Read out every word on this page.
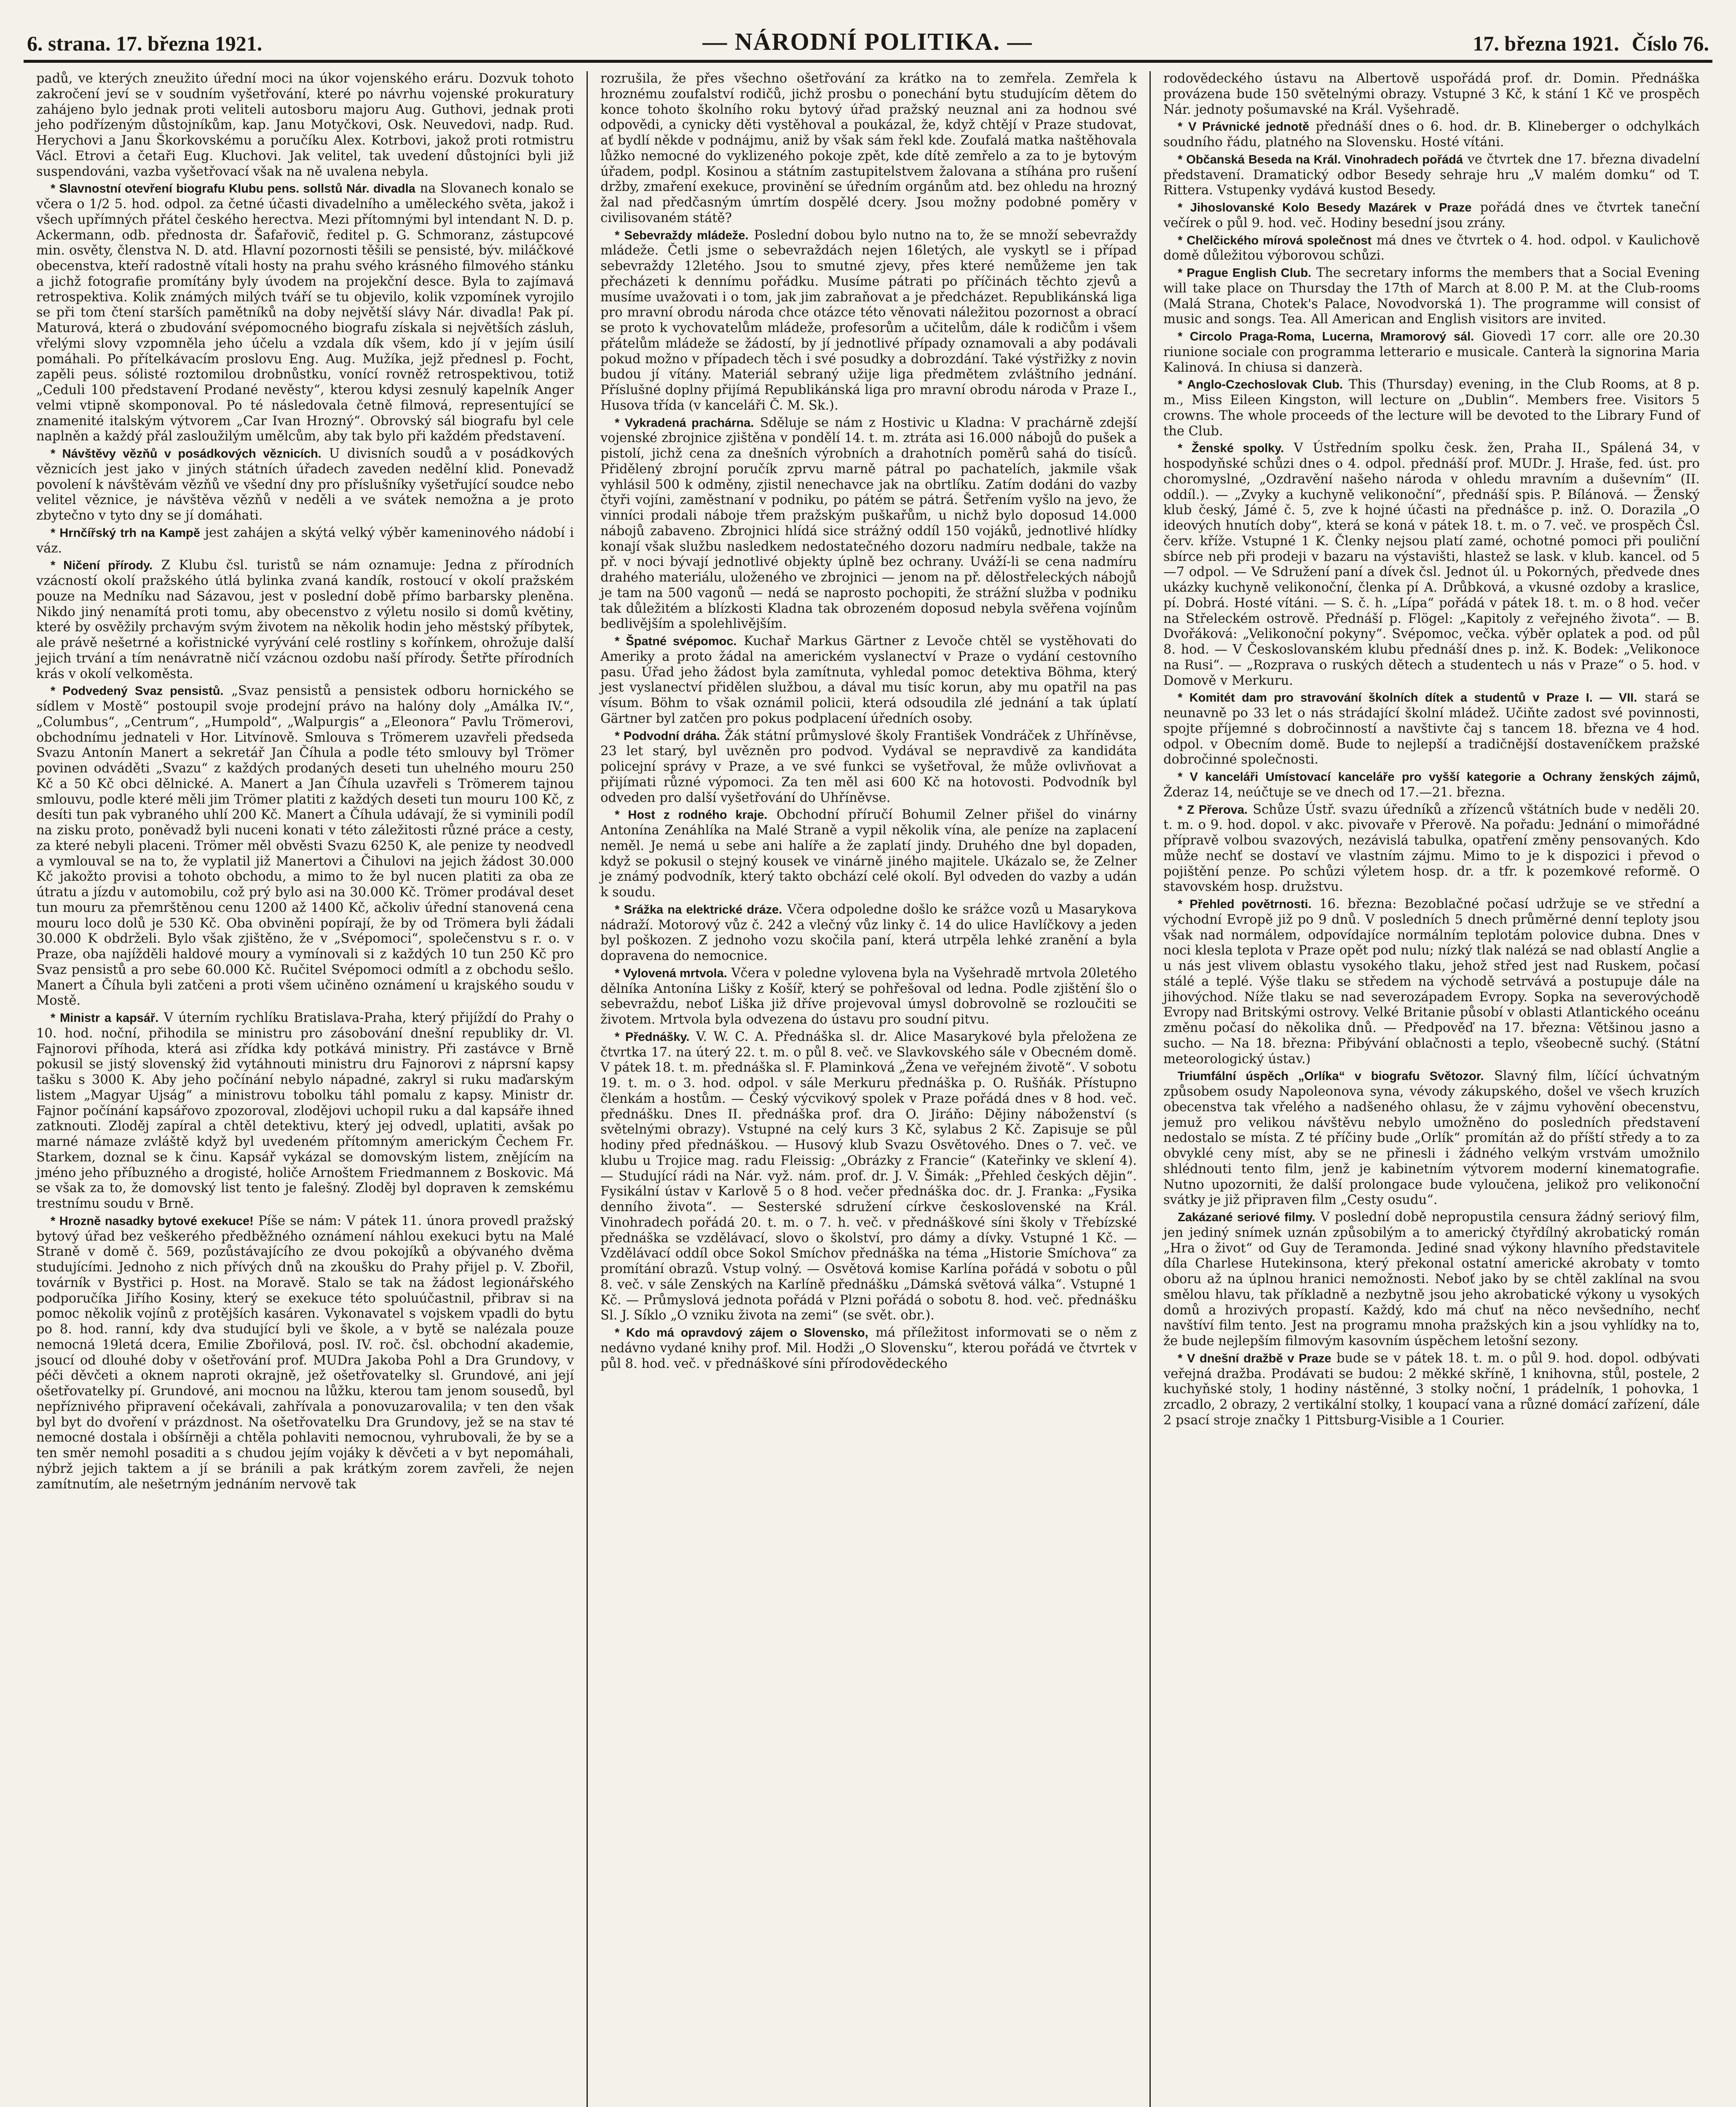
6. strana. 17. března 1921.	— NÁRODNÍ POLITIKA. —	17. března 1921. Číslo 76.

padů, ve kterých zneužito úřední moci na úkor vojenského eráru. Dozvuk tohoto zakročení jeví se v soudním vyšetřování, které po návrhu vojenské prokuratury zahájeno bylo jednak proti veliteli autosboru majoru Aug. Guthovi, jednak proti jeho podřízeným důstojníkům, kap. Janu Motyčkovi, Osk. Neuvedovi, nadp. Rud. Herychovi a Janu Škorkovskému a poručíku Alex. Kotrbovi, jakož proti rotmistru Václ. Etrovi a četaři Eug. Kluchovi. Jak velitel, tak uvedení důstojníci byli již suspendováni, vazba vyšetřovací však na ně uvalena nebyla.

* Slavnostní otevření biografu Klubu pens. sollstů Nár. divadla na Slovanech konalo se včera o 1/2 5. hod. odpol. za četné účasti divadelního a uměleckého světa, jakož i všech upřímných přátel českého herectva. Mezi přítomnými byl intendant N. D. p. Ackermann, odb. přednosta dr. Šafařovič, ředitel p. G. Schmoranz, zástupcové min. osvěty, členstva N. D. atd. Hlavní pozornosti těšili se pensisté, býv. miláčkové obecenstva, kteří radostně vítali hosty na prahu svého krásného filmového stánku a jichž fotografie promítány byly úvodem na projekční desce. Byla to zajímavá retrospektiva. Kolik známých milých tváří se tu objevilo, kolik vzpomínek vyrojilo se při tom čtení starších pamětníků na doby největší slávy Nár. divadla! Pak pí. Maturová, která o zbudování svépomocného biografu získala si největších zásluh, vřelými slovy vzpomněla jeho účelu a vzdala dík všem, kdo jí v jejím úsilí pomáhali. Po přítelkávacím proslovu Eng. Aug. Mužíka, jejž přednesl p. Focht, zapěli peus. sólisté roztomilou drobnůstku, vonící rovněž retrospektivou, totiž „Ceduli 100 představení Prodané nevěsty“, kterou kdysi zesnulý kapelník Anger velmi vtipně skomponoval. Po té následovala četně filmová, representující se znamenité italským výtvorem „Car Ivan Hrozný“. Obrovský sál biografu byl cele naplněn a každý přál zasloužilým umělcům, aby tak bylo při každém představení.

* Návštěvy vězňů v posádkových věznicích. U divisních soudů a v posádkových věznicích jest jako v jiných státních úřadech zaveden nedělní klid. Ponevadž povolení k návštěvám vězňů ve všední dny pro příslušníky vyšetřující soudce nebo velitel věznice, je návštěva vězňů v neděli a ve svátek nemožna a je proto zbytečno v tyto dny se jí domáhati.

* Hrnčířský trh na Kampě jest zahájen a skýtá velký výběr kameninového nádobí i váz.

* Ničení přírody. Z Klubu čsl. turistů se nám oznamuje: Jedna z přírodních vzácností okolí pražského útlá bylinka zvaná kandík, rostoucí v okolí pražském pouze na Medníku nad Sázavou, jest v poslední době přímo barbarsky pleněna. Nikdo jiný nenamítá proti tomu, aby obecenstvo z výletu nosilo si domů květiny, které by osvěžily prchavým svým životem na několik hodin jeho městský příbytek, ale právě nešetrné a kořistnické vyrývání celé rostliny s kořínkem, ohrožuje další jejich trvání a tím nenávratně ničí vzácnou ozdobu naší přírody. Šetřte přírodních krás v okolí velkoměsta.

* Podvedený Svaz pensistů. „Svaz pensistů a pensistek odboru hornického se sídlem v Mostě“ postoupil svoje prodejní právo na halóny doly „Amálka IV.“, „Columbus“, „Centrum“, „Humpold“, „Walpurgis“ a „Eleonora“ Pavlu Trömerovi, obchodnímu jednateli v Hor. Litvínově. Smlouva s Trömerem uzavřeli předseda Svazu Antonín Manert a sekretář Jan Číhula a podle této smlouvy byl Trömer povinen odváděti „Svazu“ z každých prodaných deseti tun uhelného mouru 250 Kč a 50 Kč obci dělnické. A. Manert a Jan Číhula uzavřeli s Trömerem tajnou smlouvu, podle které měli jim Trömer platiti z každých deseti tun mouru 100 Kč, z desíti tun pak vybraného uhlí 200 Kč. Manert a Číhula udávají, že si vyminili podíl na zisku proto, poněvadž byli nuceni konati v této záležitosti různé práce a cesty, za které nebyli placeni. Trömer měl obvěsti Svazu 6250 K, ale penize ty neodvedl a vymlouval se na to, že vyplatil již Manertovi a Čihulovi na jejich žádost 30.000 Kč jakožto provisi a tohoto obchodu, a mimo to že byl nucen platiti za oba ze útratu a jízdu v automobilu, což prý bylo asi na 30.000 Kč. Trömer prodával deset tun mouru za přemrštěnou cenu 1200 až 1400 Kč, ačkoliv úřední stanovená cena mouru loco dolů je 530 Kč. Oba obviněni popírají, že by od Trömera byli žádali 30.000 K obdrželi. Bylo však zjištěno, že v „Svépomoci“, společenstvu s r. o. v Praze, oba najížděli haldové moury a vymínovali si z každých 10 tun 250 Kč pro Svaz pensistů a pro sebe 60.000 Kč. Ručitel Svépomoci odmítl a z obchodu sešlo. Manert a Číhula byli zatčeni a proti všem učiněno oznámení u krajského soudu v Mostě.

* Ministr a kapsář. V úterním rychlíku Bratislava-Praha, který přijíždí do Prahy o 10. hod. noční, přihodila se ministru pro zásobování dnešní republiky dr. Vl. Fajnorovi příhoda, která asi zřídka kdy potkává ministry. Při zastávce v Brně pokusil se jistý slovenský žid vytáhnouti ministru dru Fajnorovi z náprsní kapsy tašku s 3000 K. Aby jeho počínání nebylo nápadné, zakryl si ruku maďarským listem „Magyar Ujság“ a ministrovu tobolku táhl pomalu z kapsy. Ministr dr. Fajnor počínání kapsářovo zpozoroval, zlodějovi uchopil ruku a dal kapsáře ihned zatknouti. Zloděj zapíral a chtěl detektivu, který jej odvedl, uplatiti, avšak po marné námaze zvláště když byl uvedeném přítomným americkým Čechem Fr. Starkem, doznal se k činu. Kapsář vykázal se domovským listem, znějícím na jméno jeho příbuzného a drogisté, holiče Arnoštem Friedmannem z Boskovic. Má se však za to, že domovský list tento je falešný. Zloděj byl dopraven k zemskému trestnímu soudu v Brně.

* Hrozně nasadky bytové exekuce! Píše se nám: V pátek 11. února provedl pražský bytový úřad bez veškerého předběžného oznámení náhlou exekuci bytu na Malé Straně v domě č. 569, pozůstávajícího ze dvou pokojíků a obývaného dvěma studujícími. Jednoho z nich přívých dnů na zkoušku do Prahy přijel p. V. Zbořil, továrník v Bystřici p. Host. na Moravě. Stalo se tak na žádost legionářského podporučíka Jiřího Kosiny, který se exekuce této spoluúčastnil, přibrav si na pomoc několik vojínů z protějších kasáren. Vykonavatel s vojskem vpadli do bytu po 8. hod. ranní, kdy dva studující byli ve škole, a v bytě se nalézala pouze nemocná 19letá dcera, Emilie Zbořilová, posl. IV. roč. čsl. obchodní akademie, jsoucí od dlouhé doby v ošetřování prof. MUDra Jakoba Pohl a Dra Grundovy, v péči děvčeti a oknem naproti okrajně, jež ošetřovatelky sl. Grundové, ani její ošetřovatelky pí. Grundové, ani mocnou na lůžku, kterou tam jenom sousedů, byl nepříznivého připravení očekávali, zahřívala a ponovuzarovalila; v ten den však byl byt do dvoření v prázdnost. Na ošetřovatelku Dra Grundovy, jež se na stav té nemocné dostala i obšírněji a chtěla pohlaviti nemocnou, vyhrubovali, že by se a ten směr nemohl posaditi a s chudou jejím vojáky k děvčeti a v byt nepomáhali, nýbrž jejich taktem a jí se bránili a pak krátkým zorem zavřeli, že nejen zamítnutím, ale nešetrným jednáním nervově tak

rozrušila, že přes všechno ošetřování za krátko na to zemřela. Zemřela k hroznému zoufalství rodičů, jichž prosbu o ponechání bytu studujícím dětem do konce tohoto školního roku bytový úřad pražský neuznal ani za hodnou své odpovědi, a cynicky děti vystěhoval a poukázal, že, když chtějí v Praze studovat, ať bydlí někde v podnájmu, aniž by však sám řekl kde. Zoufalá matka naštěhovala lůžko nemocné do vyklizeného pokoje zpět, kde dítě zemřelo a za to je bytovým úřadem, podpl. Kosinou a státním zastupitelstvem žalovana a stíhána pro rušení držby, zmaření exekuce, provinění se úředním orgánům atd. bez ohledu na hrozný žal nad předčasným úmrtím dospělé dcery. Jsou možny podobné poměry v civilisovaném státě?

* Sebevraždy mládeže. Poslední dobou bylo nutno na to, že se množí sebevraždy mládeže. Četli jsme o sebevraždách nejen 16letých, ale vyskytl se i případ sebevraždy 12letého. Jsou to smutné zjevy, přes které nemůžeme jen tak přecházeti k dennímu pořádku. Musíme pátrati po příčinách těchto zjevů a musíme uvažovati i o tom, jak jim zabraňovat a je předcházet. Republikánská liga pro mravní obrodu národa chce otázce této věnovati náležitou pozornost a obrací se proto k vychovatelům mládeže, profesorům a učitelům, dále k rodičům i všem přátelům mládeže se žádostí, by jí jednotlivé případy oznamovali a aby podávali pokud možno v případech těch i své posudky a dobrozdání. Také výstřižky z novin budou jí vítány. Materiál sebraný užije liga předmětem zvláštního jednání. Příslušné doplny přijímá Republikánská liga pro mravní obrodu národa v Praze I., Husova třída (v kanceláři Č. M. Sk.).

* Vykradená prachárna. Sděluje se nám z Hostivic u Kladna: V prachárně zdejší vojenské zbrojnice zjištěna v pondělí 14. t. m. ztráta asi 16.000 nábojů do pušek a pistolí, jichž cena za dnešních výrobních a drahotních poměrů sahá do tisíců. Přidělený zbrojní poručík zprvu marně pátral po pachatelích, jakmile však vyhlásil 500 k odměny, zjistil nenechavce jak na obrtlíku. Zatím dodáni do vazby čtyři vojíni, zaměstnaní v podniku, po pátém se pátrá. Šetřením vyšlo na jevo, že vinníci prodali náboje třem pražským puškařům, u nichž bylo doposud 14.000 nábojů zabaveno. Zbrojnici hlídá sice strážný oddíl 150 vojáků, jednotlivé hlídky konají však službu nasledkem nedostatečného dozoru nadmíru nedbale, takže na př. v noci bývají jednotlivé objekty úplně bez ochrany. Uváží-li se cena nadmíru drahého materiálu, uloženého ve zbrojnici — jenom na př. dělostřeleckých nábojů je tam na 500 vagonů — nedá se naprosto pochopiti, že strážní služba v podniku tak důležitém a blízkosti Kladna tak obrozeném doposud nebyla svěřena vojínům bedlivějším a spolehlivějším.

* Špatné svépomoc. Kuchař Markus Gärtner z Levoče chtěl se vystěhovati do Ameriky a proto žádal na americkém vyslanectví v Praze o vydání cestovního pasu. Úřad jeho žádost byla zamítnuta, vyhledal pomoc detektiva Böhma, který jest vyslanectví přidělen službou, a dával mu tisíc korun, aby mu opatřil na pas vísum. Böhm to však oznámil policii, která odsoudila zlé jednání a tak úplatí Gärtner byl zatčen pro pokus podplacení úředních osoby.

* Podvodní dráha. Žák státní průmyslové školy František Vondráček z Uhříněvse, 23 let starý, byl uvězněn pro podvod. Vydával se nepravdivě za kandidáta policejní správy v Praze, a ve své funkci se vyšetřoval, že může ovlivňovat a přijímati různé výpomoci. Za ten měl asi 600 Kč na hotovosti. Podvodník byl odveden pro další vyšetřování do Uhříněvse.

* Host z rodného kraje. Obchodní příručí Bohumil Zelner přišel do vinárny Antonína Zenáhlíka na Malé Straně a vypil několik vína, ale peníze na zaplacení neměl. Je nemá u sebe ani halíře a že zaplatí jindy. Druhého dne byl dopaden, když se pokusil o stejný kousek ve vinárně jiného majitele. Ukázalo se, že Zelner je známý podvodník, který takto obchází celé okolí. Byl odveden do vazby a udán k soudu.

* Srážka na elektrické dráze. Včera odpoledne došlo ke srážce vozů u Masarykova nádraží. Motorový vůz č. 242 a vlečný vůz linky č. 14 do ulice Havlíčkovy a jeden byl poškozen. Z jednoho vozu skočila paní, která utrpěla lehké zranění a byla dopravena do nemocnice.

* Vylovená mrtvola. Včera v poledne vylovena byla na Vyšehradě mrtvola 20letého dělníka Antonína Lišky z Košíř, který se pohřešoval od ledna. Podle zjištění šlo o sebevraždu, neboť Liška již dříve projevoval úmysl dobrovolně se rozloučiti se životem. Mrtvola byla odvezena do ústavu pro soudní pitvu.

* Přednášky. V. W. C. A. Přednáška sl. dr. Alice Masarykové byla přeložena ze čtvrtka 17. na úterý 22. t. m. o půl 8. več. ve Slavkovského sále v Obecném domě. V pátek 18. t. m. přednáška sl. F. Plaminková „Žena ve veřejném životě“. V sobotu 19. t. m. o 3. hod. odpol. v sále Merkuru přednáška p. O. Rušňák. Přístupno členkám a hostům. — Český výcvikový spolek v Praze pořádá dnes v 8 hod. več. přednášku. Dnes II. přednáška prof. dra O. Jiráňo: Dějiny náboženství (s světelnými obrazy). Vstupné na celý kurs 3 Kč, sylabus 2 Kč. Zapisuje se půl hodiny před přednáškou. — Husový klub Svazu Osvětového. Dnes o 7. več. ve klubu u Trojice mag. radu Fleissig: „Obrázky z Francie“ (Kateřinky ve sklení 4). — Studující rádi na Nár. vyž. nám. prof. dr. J. V. Šimák: „Přehled českých dějin“. Fysikální ústav v Karlově 5 o 8 hod. večer přednáška doc. dr. J. Franka: „Fysika denního života“. — Sesterské sdružení církve československé na Král. Vinohradech pořádá 20. t. m. o 7. h. več. v přednáškové síni školy v Třebízské přednáška se vzdělávací, slovo o školství, pro dámy a dívky. Vstupné 1 Kč. — Vzdělávací oddíl obce Sokol Smíchov přednáška na téma „Historie Smíchova“ za promítání obrazů. Vstup volný. — Osvětová komise Karlína pořádá v sobotu o půl 8. več. v sále Zenských na Karlíně přednášku „Dámská světová válka“. Vstupné 1 Kč. — Průmyslová jednota pořádá v Plzni pořádá o sobotu 8. hod. več. přednášku Sl. J. Síklo „O vzniku života na zemi“ (se svět. obr.).

* Kdo má opravdový zájem o Slovensko, má příležitost informovati se o něm z nedávno vydané knihy prof. Mil. Hodži „O Slovensku“, kterou pořádá ve čtvrtek v půl 8. hod. več. v přednáškové síni přírodovědeckého

rodovědeckého ústavu na Albertově uspořádá prof. dr. Domin. Přednáška provázena bude 150 světelnými obrazy. Vstupné 3 Kč, k stání 1 Kč ve prospěch Nár. jednoty pošumavské na Král. Vyšehradě.

* V Právnické jednotě přednáší dnes o 6. hod. dr. B. Klineberger o odchylkách soudního řádu, platného na Slovensku. Hosté vítáni.

* Občanská Beseda na Král. Vinohradech pořádá ve čtvrtek dne 17. března divadelní představení. Dramatický odbor Besedy sehraje hru „V malém domku“ od T. Rittera. Vstupenky vydává kustod Besedy.

* Jihoslovanské Kolo Besedy Mazárek v Praze pořádá dnes ve čtvrtek taneční večírek o půl 9. hod. več. Hodiny besední jsou zrány.

* Chelčického mírová společnost má dnes ve čtvrtek o 4. hod. odpol. v Kaulichově domě důležitou výborovou schůzi.

* Prague English Club. The secretary informs the members that a Social Evening will take place on Thursday the 17th of March at 8.00 P. M. at the Club-rooms (Malá Strana, Chotek's Palace, Novodvorská 1). The programme will consist of music and songs. Tea. All American and English visitors are invited.

* Circolo Praga-Roma, Lucerna, Mramorový sál. Giovedì 17 corr. alle ore 20.30 riunione sociale con programma letterario e musicale. Canterà la signorina Maria Kalinová. In chiusa si danzerà.

* Anglo-Czechoslovak Club. This (Thursday) evening, in the Club Rooms, at 8 p. m., Miss Eileen Kingston, will lecture on „Dublin“. Members free. Visitors 5 crowns. The whole proceeds of the lecture will be devoted to the Library Fund of the Club.

* Ženské spolky. V Ústředním spolku česk. žen, Praha II., Spálená 34, v hospodyňské schůzi dnes o 4. odpol. přednáší prof. MUDr. J. Hraše, fed. úst. pro choromyslné, „Ozdravění našeho národa v ohledu mravním a duševním“ (II. oddíl.). — „Zvyky a kuchyně velikonoční“, přednáší spis. P. Bílánová. — Ženský klub český, Jámé č. 5, zve k hojné účasti na přednášce p. inž. O. Dorazila „O ideových hnutích doby“, která se koná v pátek 18. t. m. o 7. več. ve prospěch Čsl. červ. kříže. Vstupné 1 K. Členky nejsou platí zamé, ochotné pomoci při pouliční sbírce neb při prodeji v bazaru na výstavišti, hlastež se lask. v klub. kancel. od 5—7 odpol. — Ve Sdružení paní a dívek čsl. Jednot úl. u Pokorných, předvede dnes ukázky kuchyně velikonoční, členka pí A. Drůbková, a vkusné ozdoby a kraslice, pí. Dobrá. Hosté vítáni. — S. č. h. „Lípa“ pořádá v pátek 18. t. m. o 8 hod. večer na Střeleckém ostrově. Přednáší p. Flögel: „Kapitoly z veřejného života“. — B. Dvořáková: „Velikonoční pokyny“. Svépomoc, večka. výběr oplatek a pod. od půl 8. hod. — V Českoslovanském klubu přednáší dnes p. inž. K. Bodek: „Velikonoce na Rusi“. — „Rozprava o ruských dětech a studentech u nás v Praze“ o 5. hod. v Domově v Merkuru.

* Komitét dam pro stravování školních dítek a studentů v Praze I. — VII. stará se neunavně po 33 let o nás strádající školní mládež. Učiňte zadost své povinnosti, spojte příjemné s dobročinností a navštivte čaj s tancem 18. března ve 4 hod. odpol. v Obecním domě. Bude to nejlepší a tradičnější dostaveníčkem pražské dobročinné společnosti.

* V kanceláři Umístovací kanceláře pro vyšší kategorie a Ochrany ženských zájmů, Žderaz 14, neúčtuje se ve dnech od 17.—21. března.

* Z Přerova. Schůze Ústř. svazu úředníků a zřízenců vštátních bude v neděli 20. t. m. o 9. hod. dopol. v akc. pivovaře v Přerově. Na pořadu: Jednání o mimořádné přípravě volbou svazových, nezávislá tabulka, opatření změny pensovaných. Kdo může nechť se dostaví ve vlastním zájmu. Mimo to je k dispozici i převod o pojištění penze. Po schůzi výletem hosp. dr. a tfr. k pozemkové reformě. O stavovském hosp. družstvu.

* Přehled povětrnosti. 16. března: Bezoblačné počasí udržuje se ve střední a východní Evropě již po 9 dnů. V posledních 5 dnech průměrné denní teploty jsou však nad normálem, odpovídajíce normálním teplotám polovice dubna. Dnes v noci klesla teplota v Praze opět pod nulu; nízký tlak nalézá se nad oblastí Anglie a u nás jest vlivem oblastu vysokého tlaku, jehož střed jest nad Ruskem, počasí stálé a teplé. Výše tlaku se středem na východě setrvává a postupuje dále na jihovýchod. Níže tlaku se nad severozápadem Evropy. Sopka na severovýchodě Evropy nad Britskými ostrovy. Velké Britanie působí v oblasti Atlantického oceánu změnu počasí do několika dnů. — Předpověď na 17. března: Většinou jasno a sucho. — Na 18. března: Přibývání oblačnosti a teplo, všeobecně suchý. (Státní meteorologický ústav.)

Triumfální úspěch „Orlíka“ v biografu Světozor. Slavný film, líčící úchvatným způsobem osudy Napoleonova syna, vévody zákupského, došel ve všech kruzích obecenstva tak vřelého a nadšeného ohlasu, že v zájmu vyhovění obecenstvu, jemuž pro velikou návštěvu nebylo umožněno do posledních představení nedostalo se místa. Z té příčiny bude „Orlík“ promítán až do příští středy a to za obvyklé ceny míst, aby se ne přinesli i žádného velkým vrstvám umožnilo shlédnouti tento film, jenž je kabinetním výtvorem moderní kinematografie. Nutno upozorniti, že další prolongace bude vyloučena, jelikož pro velikonoční svátky je již připraven film „Cesty osudu“.

Zakázané seriové filmy. V poslední době nepropustila censura žádný seriový film, jen jediný snímek uznán způsobilým a to americký čtyřdílný akrobatický román „Hra o život“ od Guy de Teramonda. Jediné snad výkony hlavního představitele díla Charlese Hutekinsona, který překonal ostatní americké akrobaty v tomto oboru až na úplnou hranici nemožnosti. Neboť jako by se chtěl zaklínal na svou smělou hlavu, tak příkladně a nezbytně jsou jeho akrobatické výkony u vysokých domů a hrozivých propastí. Každý, kdo má chuť na něco nevšedního, nechť navštíví film tento. Jest na programu mnoha pražských kin a jsou vyhlídky na to, že bude nejlepším filmovým kasovním úspěchem letošní sezony.

* V dnešní dražbě v Praze bude se v pátek 18. t. m. o půl 9. hod. dopol. odbývati veřejná dražba. Prodávati se budou: 2 měkké skříně, 1 knihovna, stůl, postele, 2 kuchyňské stoly, 1 hodiny nástěnné, 3 stolky noční, 1 prádelník, 1 pohovka, 1 zrcadlo, 2 obrazy, 2 vertikální stolky, 1 koupací vana a různé domácí zařízení, dále 2 psací stroje značky 1 Pittsburg-Visible a 1 Courier.
